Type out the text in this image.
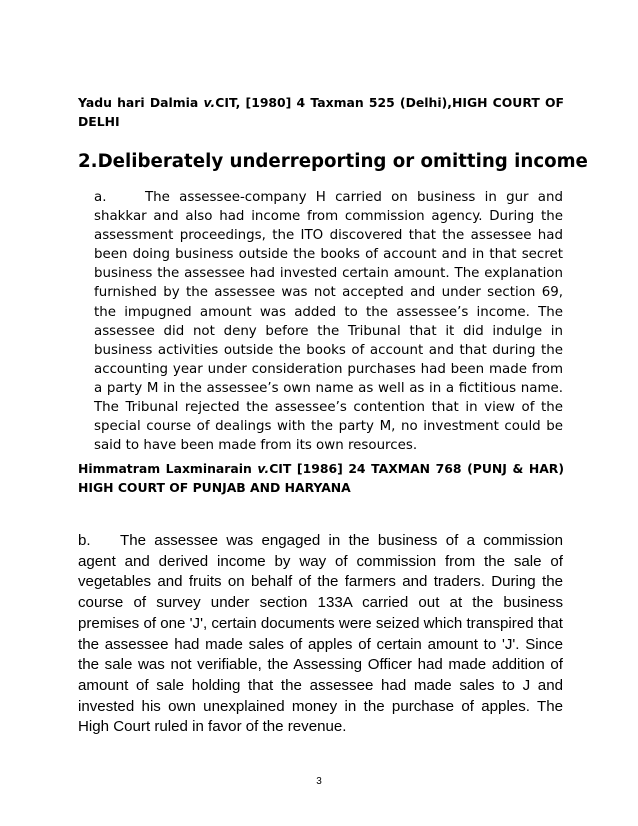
Yadu hari Dalmia v.CIT, [1980] 4 Taxman 525 (Delhi),HIGH COURT OF DELHI
2.Deliberately underreporting or omitting income
a.	The assessee-company H carried on business in gur and shakkar and also had income from commission agency. During the assessment proceedings, the ITO discovered that the assessee had been doing business outside the books of account and in that secret business the assessee had invested certain amount. The explanation furnished by the assessee was not accepted and under section 69, the impugned amount was added to the assessee’s income. The assessee did not deny before the Tribunal that it did indulge in business activities outside the books of account and that during the accounting year under consideration purchases had been made from a party M in the assessee’s own name as well as in a fictitious name. The Tribunal rejected the assessee’s contention that in view of the special course of dealings with the party M, no investment could be said to have been made from its own resources.
Himmatram Laxminarain v.CIT [1986] 24 TAXMAN 768 (PUNJ & HAR) HIGH COURT OF PUNJAB AND HARYANA
b. The assessee was engaged in the business of a commission agent and derived income by way of commission from the sale of vegetables and fruits on behalf of the farmers and traders. During the course of survey under section 133A carried out at the business premises of one 'J', certain documents were seized which transpired that the assessee had made sales of apples of certain amount to 'J'. Since the sale was not verifiable, the Assessing Officer had made addition of amount of sale holding that the assessee had made sales to J and invested his own unexplained money in the purchase of apples. The High Court ruled in favor of the revenue.
3
